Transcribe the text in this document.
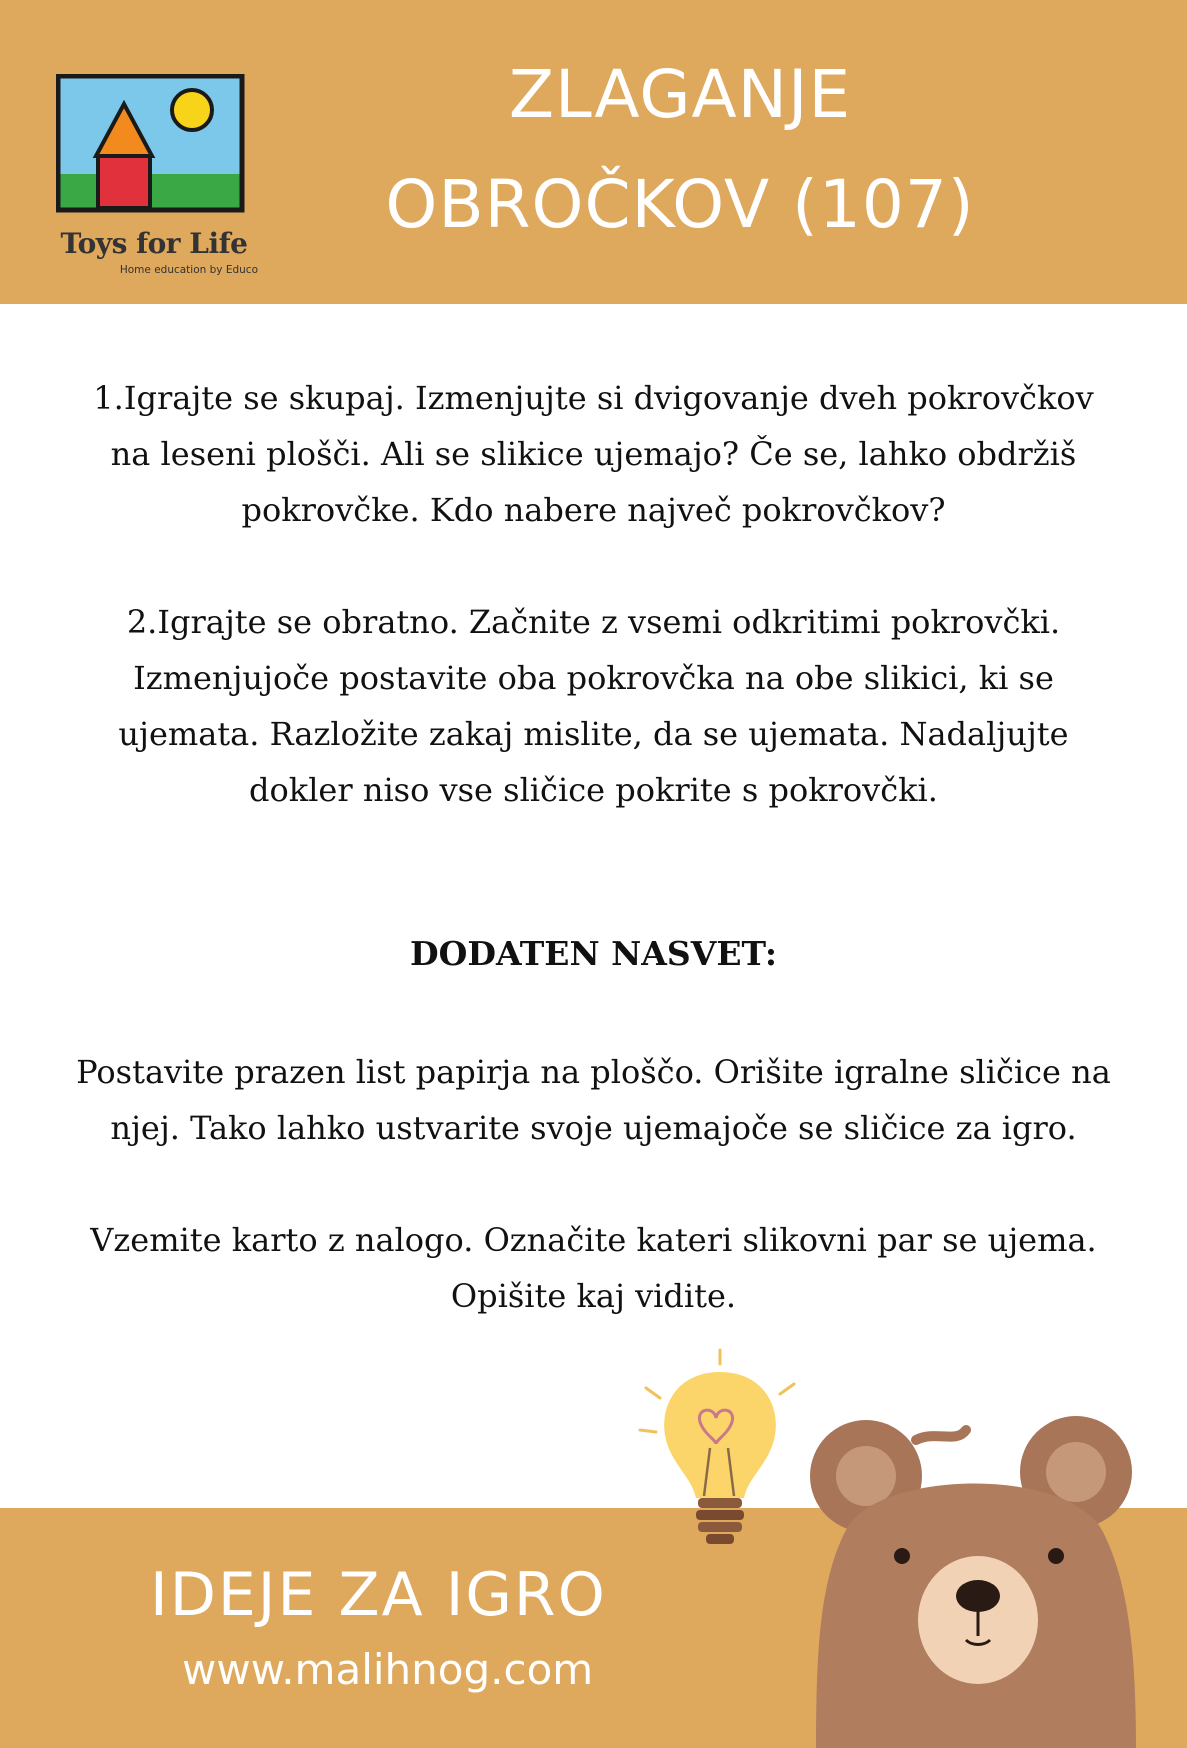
Toys for Life
Home education by Educo
ZLAGANJE
OBROČKOV (107)

1.Igrajte se skupaj. Izmenjujte si dvigovanje dveh pokrovčkov

na leseni plošči. Ali se slikice ujemajo? Če se, lahko obdržiš

pokrovčke. Kdo nabere največ pokrovčkov?

2.Igrajte se obratno. Začnite z vsemi odkritimi pokrovčki.

Izmenjujoče postavite oba pokrovčka na obe slikici, ki se

ujemata. Razložite zakaj mislite, da se ujemata. Nadaljujte

dokler niso vse sličice pokrite s pokrovčki.

DODATEN NASVET:

Postavite prazen list papirja na ploščo. Orišite igralne sličice na

njej. Tako lahko ustvarite svoje ujemajoče se sličice za igro.

Vzemite karto z nalogo. Označite kateri slikovni par se ujema.

Opišite kaj vidite.

IDEJE ZA IGRO
www.malihnog.com
